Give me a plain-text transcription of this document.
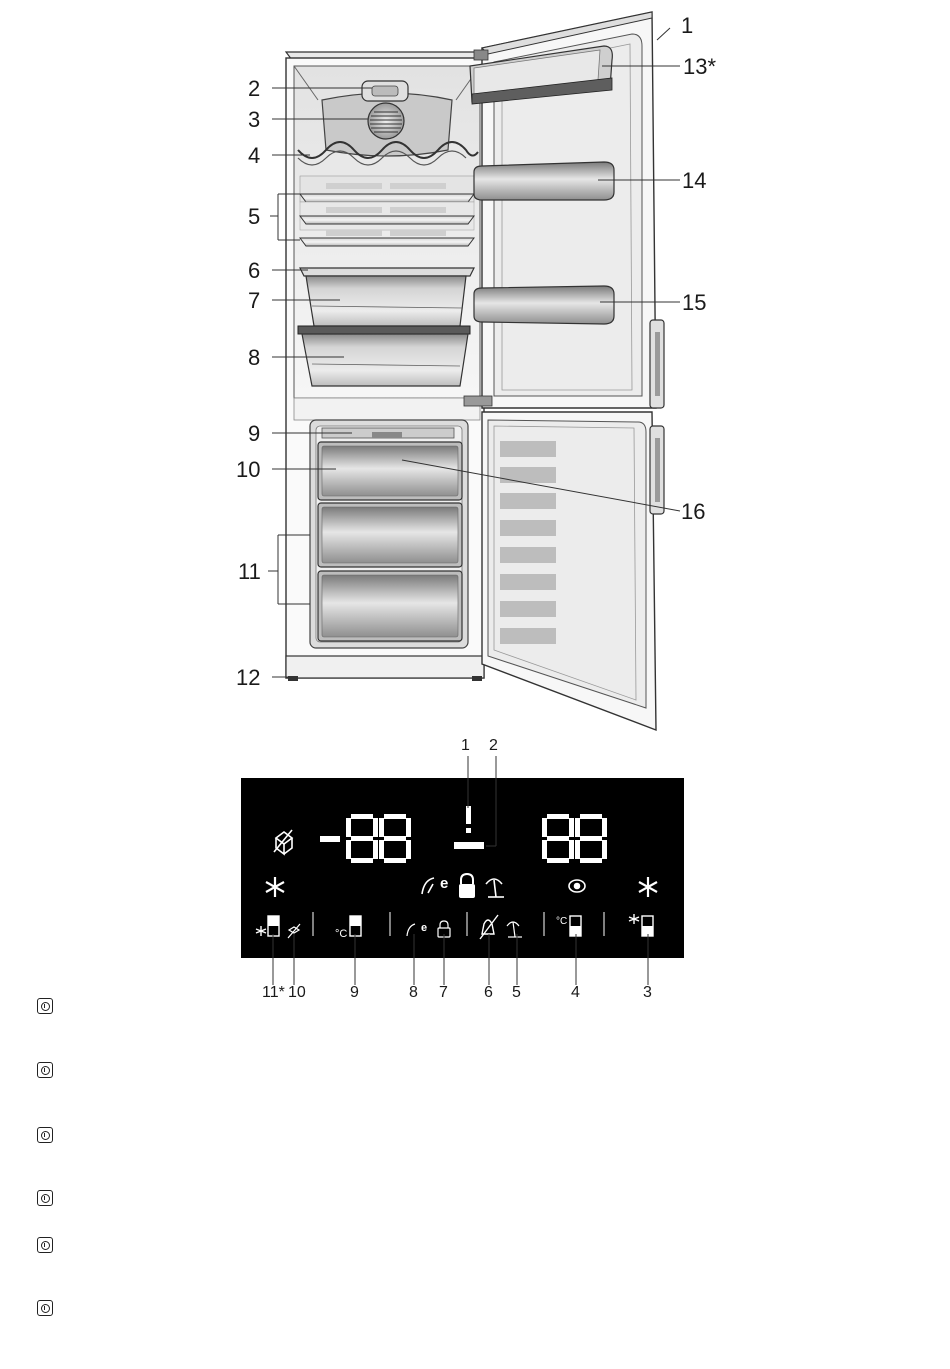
1
13*
2
3
4
14
5
6
7	15
8
9
10
16
11
12
1 2
e
°C	e
°C
11* 10	9	8 7 6 5	4	3
